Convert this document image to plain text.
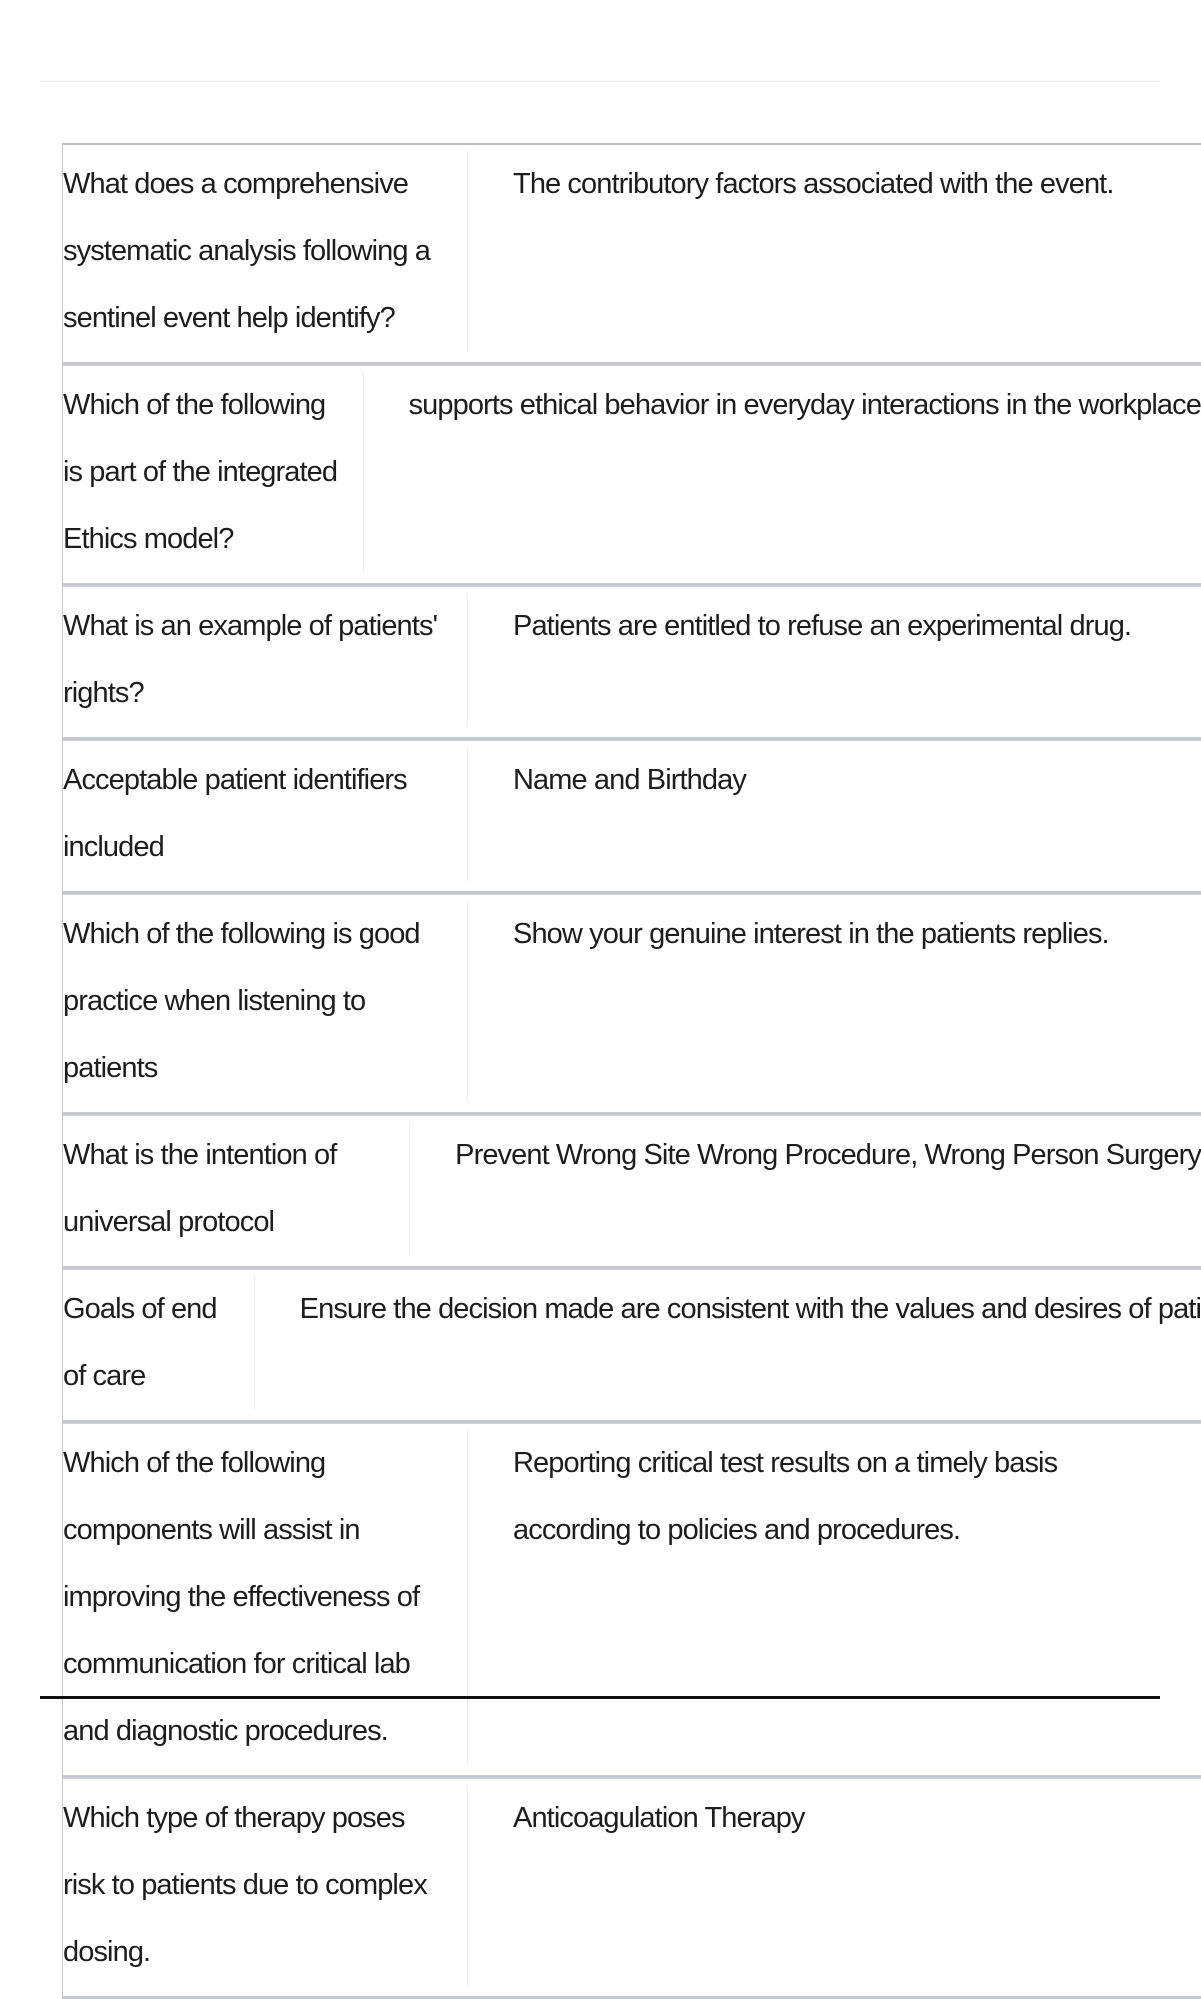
What does a comprehensive systematic analysis following a sentinel event help identify?
The contributory factors associated with the event.
Which of the following is part of the integrated Ethics model?
supports ethical behavior in everyday interactions in the workplace
What is an example of patients' rights?
Patients are entitled to refuse an experimental drug.
Acceptable patient identifiers included
Name and Birthday
Which of the following is good practice when listening to patients
Show your genuine interest in the patients replies.
What is the intention of universal protocol
Prevent Wrong Site Wrong Procedure, Wrong Person Surgery
Goals of end of care
Ensure the decision made are consistent with the values and desires of pati
Which of the following components will assist in improving the effectiveness of communication for critical lab and diagnostic procedures.
Reporting critical test results on a timely basis according to policies and procedures.
Which type of therapy poses risk to patients due to complex dosing.
Anticoagulation Therapy
